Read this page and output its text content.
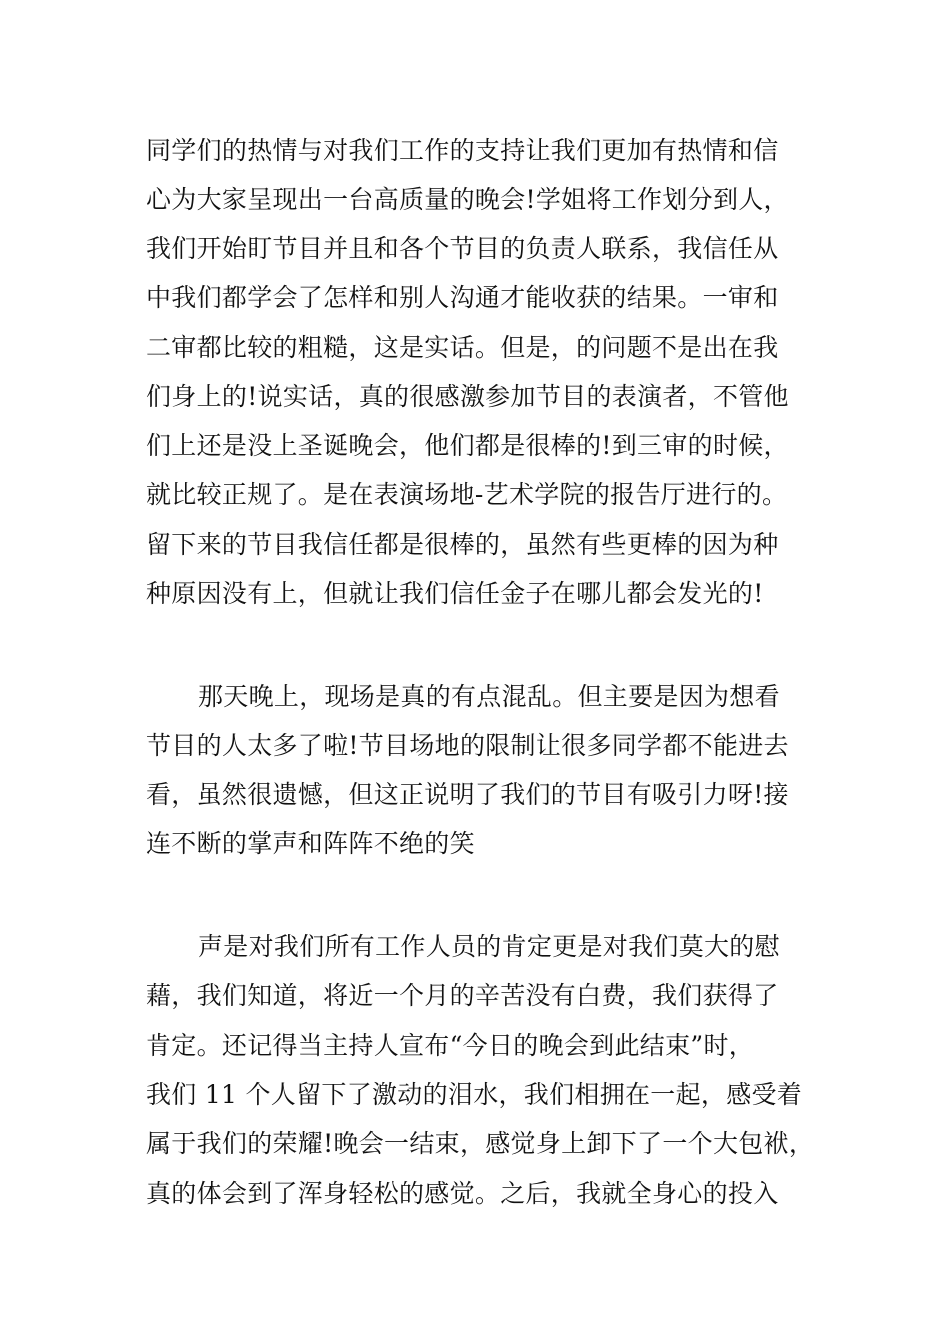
同学们的热情与对我们工作的支持让我们更加有热情和信
心为大家呈现出一台高质量的晚会!学姐将工作划分到人，
我们开始盯节目并且和各个节目的负责人联系，我信任从
中我们都学会了怎样和别人沟通才能收获的结果。一审和
二审都比较的粗糙，这是实话。但是，的问题不是出在我
们身上的!说实话，真的很感激参加节目的表演者，不管他
们上还是没上圣诞晚会，他们都是很棒的!到三审的时候，
就比较正规了。是在表演场地-艺术学院的报告厅进行的。
留下来的节目我信任都是很棒的，虽然有些更棒的因为种
种原因没有上，但就让我们信任金子在哪儿都会发光的!
那天晚上，现场是真的有点混乱。但主要是因为想看
节目的人太多了啦!节目场地的限制让很多同学都不能进去
看，虽然很遗憾，但这正说明了我们的节目有吸引力呀!接
连不断的掌声和阵阵不绝的笑
声是对我们所有工作人员的肯定更是对我们莫大的慰
藉，我们知道，将近一个月的辛苦没有白费，我们获得了
肯定。还记得当主持人宣布“今日的晚会到此结束”时，
我们 11 个人留下了激动的泪水，我们相拥在一起，感受着
属于我们的荣耀!晚会一结束，感觉身上卸下了一个大包袱，
真的体会到了浑身轻松的感觉。之后，我就全身心的投入
